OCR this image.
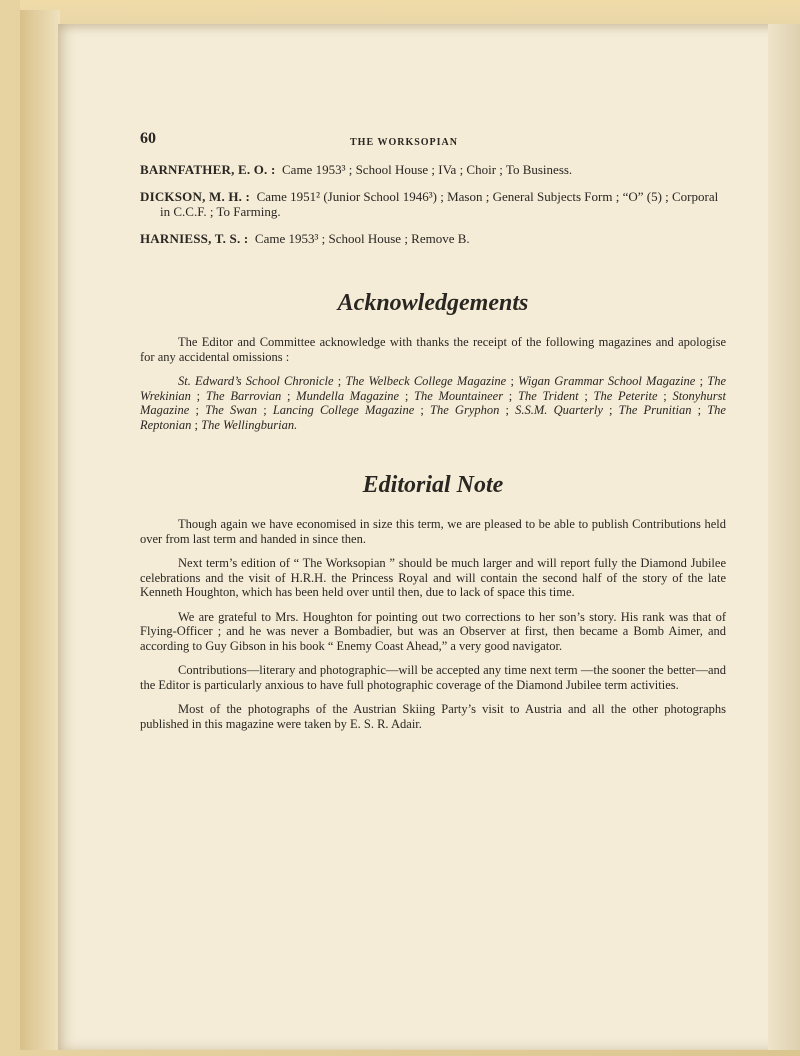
60	THE WORKSOPIAN
BARNFATHER, E. O. : Came 1953³ ; School House ; IVa ; Choir ; To Business.
DICKSON, M. H. : Came 1951² (Junior School 1946³) ; Mason ; General Subjects Form ; “O” (5) ; Corporal in C.C.F. ; To Farming.
HARNIESS, T. S. : Came 1953³ ; School House ; Remove B.
Acknowledgements

The Editor and Committee acknowledge with thanks the receipt of the following magazines and apologise for any accidental omissions :

St. Edward’s School Chronicle ; The Welbeck College Magazine ; Wigan Grammar School Magazine ; The Wrekinian ; The Barrovian ; Mundella Magazine ; The Mountaineer ; The Trident ; The Peterite ; Stonyhurst Magazine ; The Swan ; Lancing College Magazine ; The Gryphon ; S.S.M. Quarterly ; The Prunitian ; The Reptonian ; The Wellingburian.

Editorial Note

Though again we have economised in size this term, we are pleased to be able to publish Contributions held over from last term and handed in since then.

Next term’s edition of “ The Worksopian ” should be much larger and will report fully the Diamond Jubilee celebrations and the visit of H.R.H. the Princess Royal and will contain the second half of the story of the late Kenneth Houghton, which has been held over until then, due to lack of space this time.

We are grateful to Mrs. Houghton for pointing out two corrections to her son’s story. His rank was that of Flying-Officer ; and he was never a Bombadier, but was an Observer at first, then became a Bomb Aimer, and according to Guy Gibson in his book “ Enemy Coast Ahead,” a very good navigator.

Contributions—literary and photographic—will be accepted any time next term —the sooner the better—and the Editor is particularly anxious to have full photographic coverage of the Diamond Jubilee term activities.

Most of the photographs of the Austrian Skiing Party’s visit to Austria and all the other photographs published in this magazine were taken by E. S. R. Adair.
